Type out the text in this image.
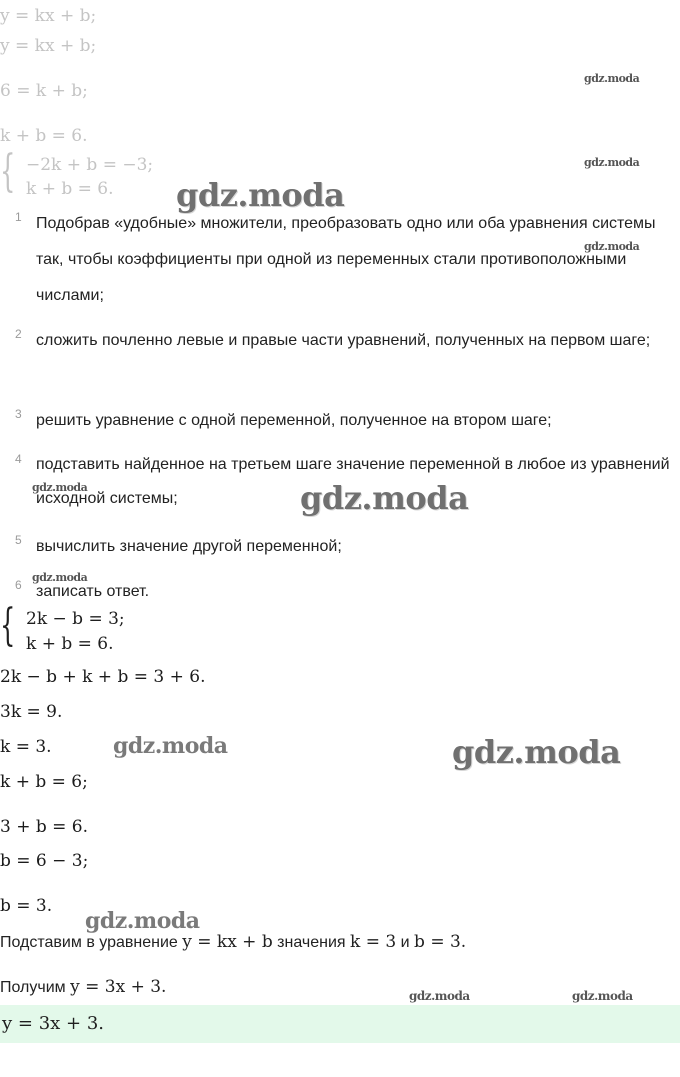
y = kx + b;
y = kx + b;
6 = k + b;
k + b = 6.
{ −2k + b = −3;
k + b = 6.
1 Подобрав «удобные» множители, преобразовать одно или оба уравнения системы так, чтобы коэффициенты при одной из переменных стали противоположными числами;
2 сложить почленно левые и правые части уравнений, полученных на первом шаге;
3 решить уравнение с одной переменной, полученное на втором шаге;
4 подставить найденное на третьем шаге значение переменной в любое из уравнений исходной системы;
5 вычислить значение другой переменной;
6 записать ответ.
{ 2k − b = 3;
k + b = 6.
2k − b + k + b = 3 + 6.
3k = 9.
k = 3.
k + b = 6;
3 + b = 6.
b = 6 − 3;
b = 3.
Подставим в уравнение y = kx + b значения k = 3 и b = 3.
Получим y = 3x + 3.
y = 3x + 3.
gdz.moda
gdz.moda
gdz.moda
gdz.moda
gdz.moda	gdz.moda
gdz.moda
gdz.moda	gdz.moda
gdz.moda
gdz.moda	gdz.moda
